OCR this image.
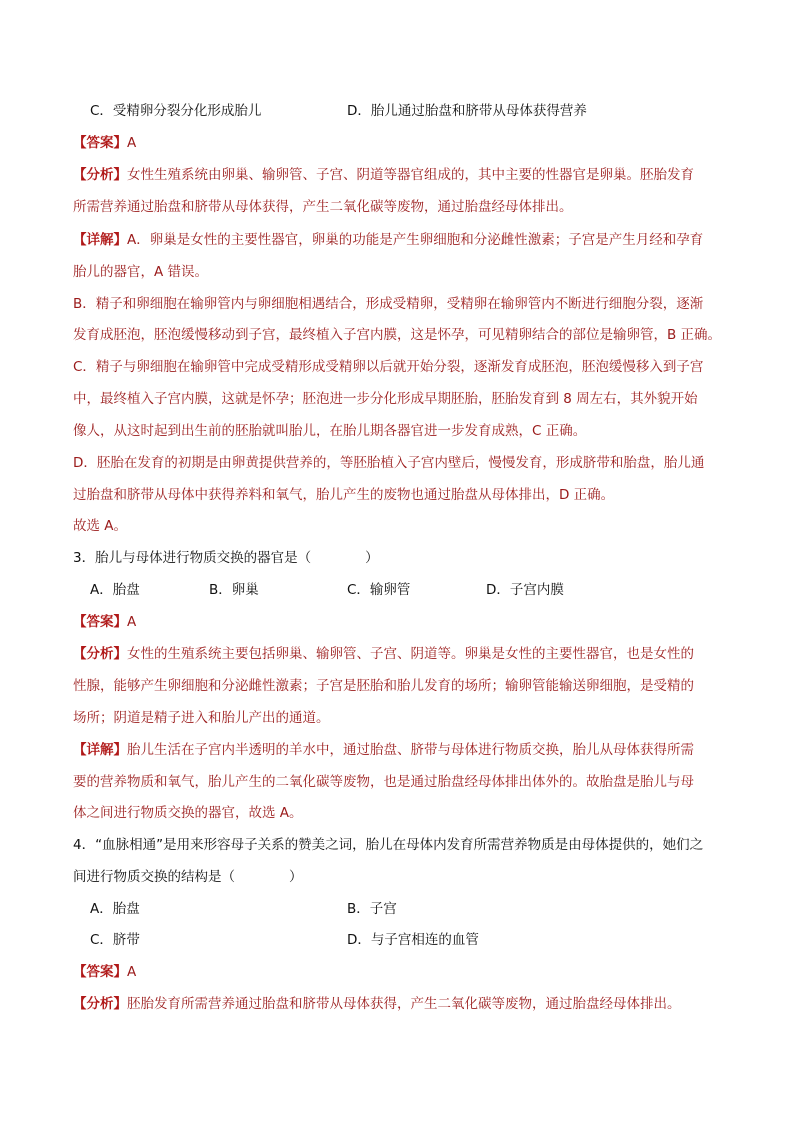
C．受精卵分裂分化形成胎儿	D．胎儿通过胎盘和脐带从母体获得营养
【答案】A
【分析】女性生殖系统由卵巢、输卵管、子宫、阴道等器官组成的，其中主要的性器官是卵巢。胚胎发育
所需营养通过胎盘和脐带从母体获得，产生二氧化碳等废物，通过胎盘经母体排出。
【详解】A．卵巢是女性的主要性器官，卵巢的功能是产生卵细胞和分泌雌性激素；子宫是产生月经和孕育
胎儿的器官，A 错误。
B．精子和卵细胞在输卵管内与卵细胞相遇结合，形成受精卵，受精卵在输卵管内不断进行细胞分裂，逐渐
发育成胚泡，胚泡缓慢移动到子宫，最终植入子宫内膜，这是怀孕，可见精卵结合的部位是输卵管，B 正确。
C．精子与卵细胞在输卵管中完成受精形成受精卵以后就开始分裂，逐渐发育成胚泡，胚泡缓慢移入到子宫
中，最终植入子宫内膜，这就是怀孕；胚泡进一步分化形成早期胚胎，胚胎发育到 8 周左右，其外貌开始
像人，从这时起到出生前的胚胎就叫胎儿，在胎儿期各器官进一步发育成熟，C 正确。
D．胚胎在发育的初期是由卵黄提供营养的，等胚胎植入子宫内壁后，慢慢发育，形成脐带和胎盘，胎儿通
过胎盘和脐带从母体中获得养料和氧气，胎儿产生的废物也通过胎盘从母体排出，D 正确。
故选 A。
3．胎儿与母体进行物质交换的器官是（　　　　）
A．胎盘	B．卵巢	C．输卵管	D．子宫内膜
【答案】A
【分析】女性的生殖系统主要包括卵巢、输卵管、子宫、阴道等。卵巢是女性的主要性器官，也是女性的
性腺，能够产生卵细胞和分泌雌性激素；子宫是胚胎和胎儿发育的场所；输卵管能输送卵细胞，是受精的
场所；阴道是精子进入和胎儿产出的通道。
【详解】胎儿生活在子宫内半透明的羊水中，通过胎盘、脐带与母体进行物质交换，胎儿从母体获得所需
要的营养物质和氧气，胎儿产生的二氧化碳等废物，也是通过胎盘经母体排出体外的。故胎盘是胎儿与母
体之间进行物质交换的器官，故选 A。
4．“血脉相通”是用来形容母子关系的赞美之词，胎儿在母体内发育所需营养物质是由母体提供的，她们之
间进行物质交换的结构是（　　　　）
A．胎盘	B．子宫
C．脐带	D．与子宫相连的血管
【答案】A
【分析】胚胎发育所需营养通过胎盘和脐带从母体获得，产生二氧化碳等废物，通过胎盘经母体排出。
